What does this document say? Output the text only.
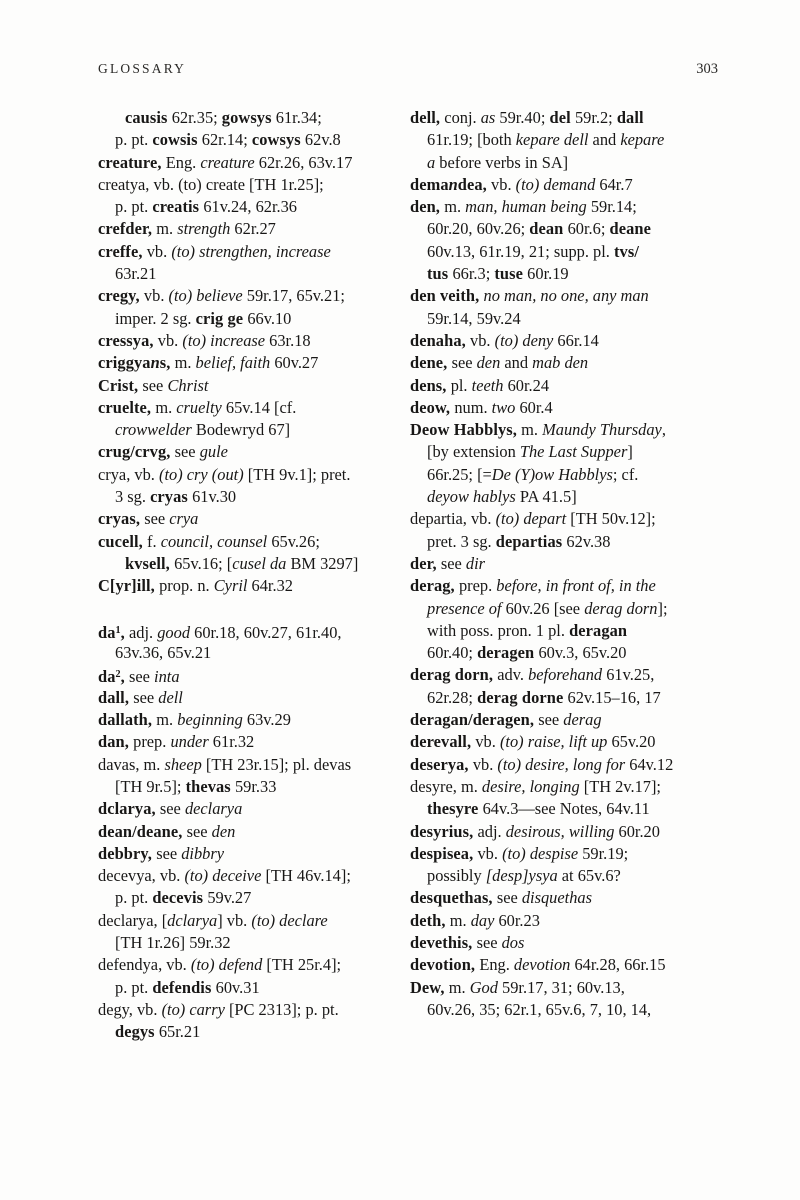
GLOSSARY	303
causis 62r.35; gowsys 61r.34;
p. pt. cowsis 62r.14; cowsys 62v.8
creature, Eng. creature 62r.26, 63v.17
creatya, vb. (to) create [TH 1r.25];
p. pt. creatis 61v.24, 62r.36
crefder, m. strength 62r.27
creffe, vb. (to) strengthen, increase
63r.21
cregy, vb. (to) believe 59r.17, 65v.21;
imper. 2 sg. crig ge 66v.10
cressya, vb. (to) increase 63r.18
criggyans, m. belief, faith 60v.27
Crist, see Christ
cruelte, m. cruelty 65v.14 [cf.
crowwelder Bodewryd 67]
crug/crvg, see gule
crya, vb. (to) cry (out) [TH 9v.1]; pret.
3 sg. cryas 61v.30
cryas, see crya
cucell, f. council, counsel 65v.26;
kvsell, 65v.16; [cusel da BM 3297]
C[yr]ill, prop. n. Cyril 64r.32
$da^1$, adj. good 60r.18, 60v.27, 61r.40,
63v.36, 65v.21
$da^2$, see inta
dall, see dell
dallath, m. beginning 63v.29
dan, prep. under 61r.32
davas, m. sheep [TH 23r.15]; pl. devas
[TH 9r.5]; thevas 59r.33
dclarya, see declarya
dean/deane, see den
debbry, see dibbry
decevya, vb. (to) deceive [TH 46v.14];
p. pt. decevis 59v.27
declarya, [dclarya] vb. (to) declare
[TH 1r.26] 59r.32
defendya, vb. (to) defend [TH 25r.4];
p. pt. defendis 60v.31
degy, vb. (to) carry [PC 2313]; p. pt.
degys 65r.21
dell, conj. as 59r.40; del 59r.2; dall
61r.19; [both kepare dell and kepare
a before verbs in SA]
demandea, vb. (to) demand 64r.7
den, m. man, human being 59r.14;
60r.20, 60v.26; dean 60r.6; deane
60v.13, 61r.19, 21; supp. pl. tvs/
tus 66r.3; tuse 60r.19
den veith, no man, no one, any man
59r.14, 59v.24
denaha, vb. (to) deny 66r.14
dene, see den and mab den
dens, pl. teeth 60r.24
deow, num. two 60r.4
Deow Habblys, m. Maundy Thursday,
[by extension The Last Supper]
66r.25; [=De (Y)ow Habblys; cf.
deyow hablys PA 41.5]
departia, vb. (to) depart [TH 50v.12];
pret. 3 sg. departias 62v.38
der, see dir
derag, prep. before, in front of, in the
presence of 60v.26 [see derag dorn];
with poss. pron. 1 pl. deragan
60r.40; deragen 60v.3, 65v.20
derag dorn, adv. beforehand 61v.25,
62r.28; derag dorne 62v.15–16, 17
deragan/deragen, see derag
derevall, vb. (to) raise, lift up 65v.20
deserya, vb. (to) desire, long for 64v.12
desyre, m. desire, longing [TH 2v.17];
thesyre 64v.3—see Notes, 64v.11
desyrius, adj. desirous, willing 60r.20
despisea, vb. (to) despise 59r.19;
possibly [desp]ysya at 65v.6?
desquethas, see disquethas
deth, m. day 60r.23
devethis, see dos
devotion, Eng. devotion 64r.28, 66r.15
Dew, m. God 59r.17, 31; 60v.13,
60v.26, 35; 62r.1, 65v.6, 7, 10, 14,
